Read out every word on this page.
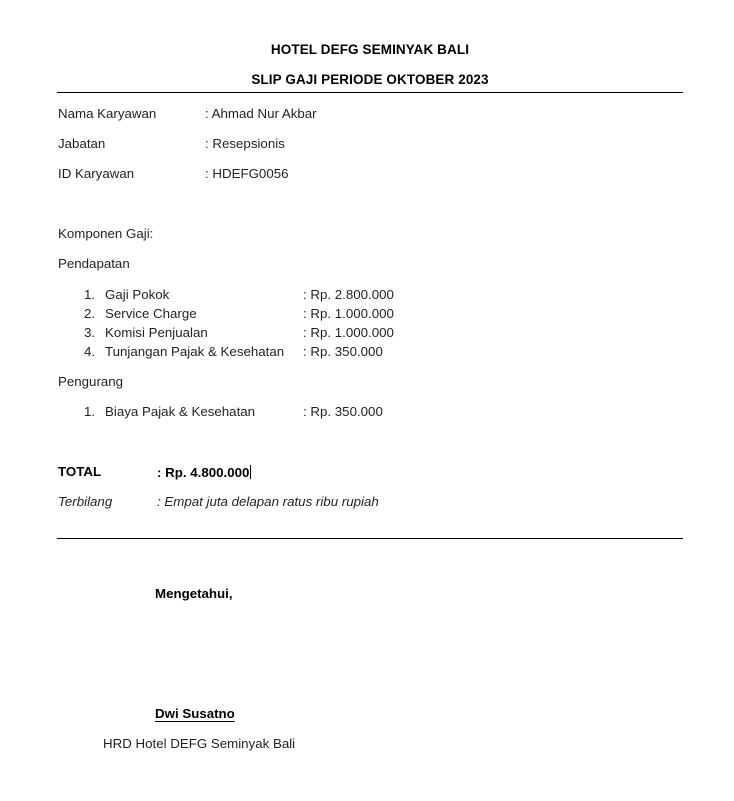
HOTEL DEFG SEMINYAK BALI
SLIP GAJI PERIODE OKTOBER 2023
Nama Karyawan	: Ahmad Nur Akbar
Jabatan	: Resepsionis
ID Karyawan	: HDEFG0056
Komponen Gaji:
Pendapatan
1. Gaji Pokok	: Rp. 2.800.000
2. Service Charge	: Rp. 1.000.000
3. Komisi Penjualan	: Rp. 1.000.000
4. Tunjangan Pajak & Kesehatan : Rp. 350.000
Pengurang
1. Biaya Pajak & Kesehatan	: Rp. 350.000
TOTAL	: Rp. 4.800.000
Terbilang	: Empat juta delapan ratus ribu rupiah
Mengetahui,
Dwi Susatno
HRD Hotel DEFG Seminyak Bali
